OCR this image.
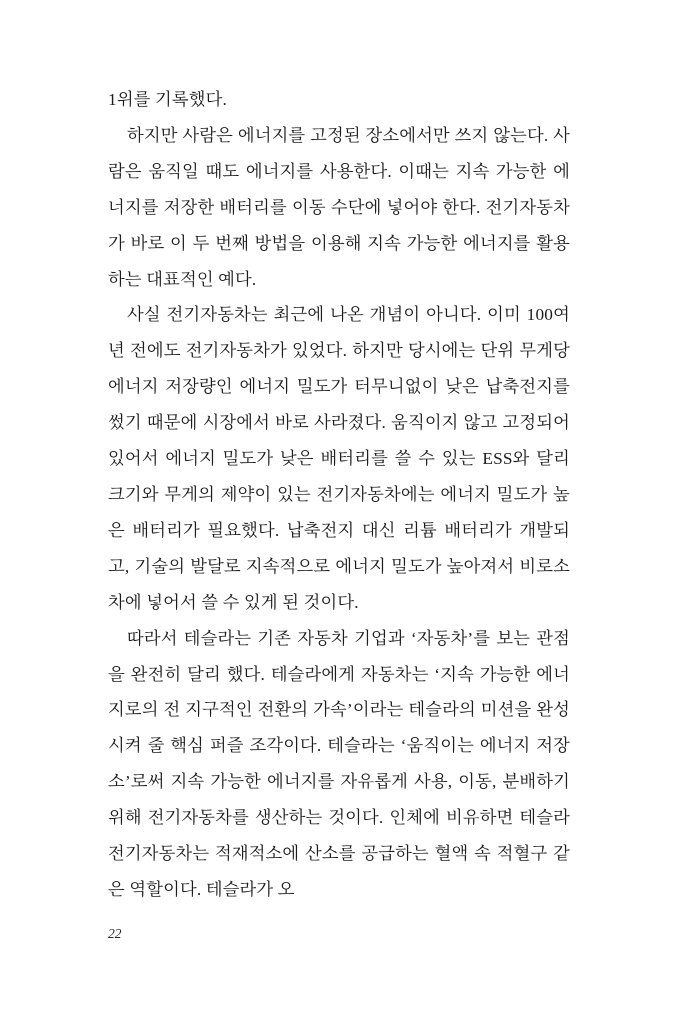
1위를 기록했다.

하지만 사람은 에너지를 고정된 장소에서만 쓰지 않는다. 사람은 움직일 때도 에너지를 사용한다. 이때는 지속 가능한 에너지를 저장한 배터리를 이동 수단에 넣어야 한다. 전기자동차가 바로 이 두 번째 방법을 이용해 지속 가능한 에너지를 활용하는 대표적인 예다.

사실 전기자동차는 최근에 나온 개념이 아니다. 이미 100여 년 전에도 전기자동차가 있었다. 하지만 당시에는 단위 무게당 에너지 저장량인 에너지 밀도가 터무니없이 낮은 납축전지를 썼기 때문에 시장에서 바로 사라졌다. 움직이지 않고 고정되어 있어서 에너지 밀도가 낮은 배터리를 쓸 수 있는 ESS와 달리 크기와 무게의 제약이 있는 전기자동차에는 에너지 밀도가 높은 배터리가 필요했다. 납축전지 대신 리튬 배터리가 개발되고, 기술의 발달로 지속적으로 에너지 밀도가 높아져서 비로소 차에 넣어서 쓸 수 있게 된 것이다.

따라서 테슬라는 기존 자동차 기업과 ‘자동차’를 보는 관점을 완전히 달리 했다. 테슬라에게 자동차는 ‘지속 가능한 에너지로의 전 지구적인 전환의 가속’이라는 테슬라의 미션을 완성시켜 줄 핵심 퍼즐 조각이다. 테슬라는 ‘움직이는 에너지 저장소’로써 지속 가능한 에너지를 자유롭게 사용, 이동, 분배하기 위해 전기자동차를 생산하는 것이다. 인체에 비유하면 테슬라 전기자동차는 적재적소에 산소를 공급하는 혈액 속 적혈구 같은 역할이다. 테슬라가 오

22
